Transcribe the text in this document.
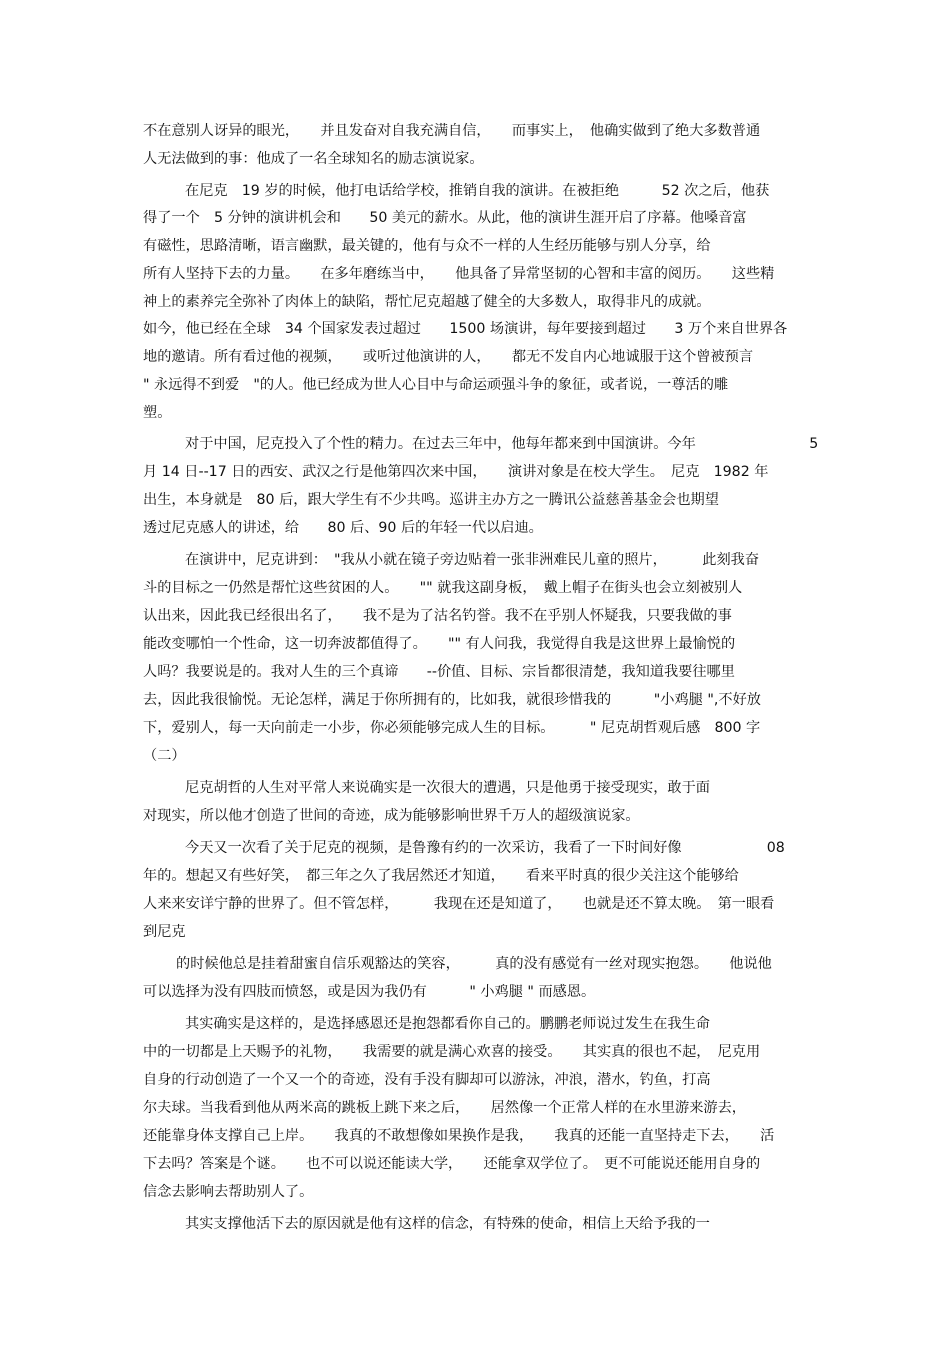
不在意别人讶异的眼光，　　并且发奋对自我充满自信，　　而事实上，　他确实做到了绝大多数普通
人无法做到的事：他成了一名全球知名的励志演说家。
在尼克　19 岁的时候，他打电话给学校，推销自我的演讲。在被拒绝　　　52 次之后，他获
得了一个　5 分钟的演讲机会和　　50 美元的薪水。从此，他的演讲生涯开启了序幕。他嗓音富
有磁性，思路清晰，语言幽默，最关键的，他有与众不一样的人生经历能够与别人分享，给
所有人坚持下去的力量。　　在多年磨练当中，　　他具备了异常坚韧的心智和丰富的阅历。　　这些精
神上的素养完全弥补了肉体上的缺陷，帮忙尼克超越了健全的大多数人，取得非凡的成就。
如今，他已经在全球　34 个国家发表过超过　　1500 场演讲，每年要接到超过　　3 万个来自世界各
地的邀请。所有看过他的视频，　　或听过他演讲的人，　　都无不发自内心地诚服于这个曾被预言
" 永远得不到爱　"的人。他已经成为世人心目中与命运顽强斗争的象征，或者说，一尊活的雕
塑。
对于中国，尼克投入了个性的精力。在过去三年中，他每年都来到中国演讲。今年　　　　　　　　5
月 14 日--17 日的西安、武汉之行是他第四次来中国，　　演讲对象是在校大学生。　尼克　1982 年
出生，本身就是　80 后，跟大学生有不少共鸣。巡讲主办方之一腾讯公益慈善基金会也期望
透过尼克感人的讲述，给　　80 后、90 后的年轻一代以启迪。
在演讲中，尼克讲到：　"我从小就在镜子旁边贴着一张非洲难民儿童的照片，　　　此刻我奋
斗的目标之一仍然是帮忙这些贫困的人。　　"" 就我这副身板，　戴上帽子在街头也会立刻被别人
认出来，因此我已经很出名了，　　我不是为了沽名钓誉。我不在乎别人怀疑我，只要我做的事
能改变哪怕一个性命，这一切奔波都值得了。　　"" 有人问我，我觉得自我是这世界上最愉悦的
人吗？我要说是的。我对人生的三个真谛　　--价值、目标、宗旨都很清楚，我知道我要往哪里
去，因此我很愉悦。无论怎样，满足于你所拥有的，比如我，就很珍惜我的　　　"小鸡腿 ",不好放
下，爱别人，每一天向前走一小步，你必须能够完成人生的目标。　　　" 尼克胡哲观后感　800 字
（二）
尼克胡哲的人生对平常人来说确实是一次很大的遭遇，只是他勇于接受现实，敢于面
对现实，所以他才创造了世间的奇迹，成为能够影响世界千万人的超级演说家。
今天又一次看了关于尼克的视频，是鲁豫有约的一次采访，我看了一下时间好像　　　　　　08
年的。想起又有些好笑，　都三年之久了我居然还才知道，　　看来平时真的很少关注这个能够给
人来来安详宁静的世界了。但不管怎样，　　　我现在还是知道了，　　也就是还不算太晚。　第一眼看
到尼克
的时候他总是挂着甜蜜自信乐观豁达的笑容，　　　真的没有感觉有一丝对现实抱怨。　　他说他
可以选择为没有四肢而愤怒，或是因为我仍有　　　" 小鸡腿 " 而感恩。
其实确实是这样的，是选择感恩还是抱怨都看你自己的。鹏鹏老师说过发生在我生命
中的一切都是上天赐予的礼物，　　我需要的就是满心欢喜的接受。　　其实真的很也不起，　尼克用
自身的行动创造了一个又一个的奇迹，没有手没有脚却可以游泳，冲浪，潜水，钓鱼，打高
尔夫球。当我看到他从两米高的跳板上跳下来之后，　　居然像一个正常人样的在水里游来游去，
还能靠身体支撑自己上岸。　　我真的不敢想像如果换作是我，　　我真的还能一直坚持走下去，　　活
下去吗？答案是个谜。　　也不可以说还能读大学，　　还能拿双学位了。　更不可能说还能用自身的
信念去影响去帮助别人了。
其实支撑他活下去的原因就是他有这样的信念，有特殊的使命，相信上天给予我的一
